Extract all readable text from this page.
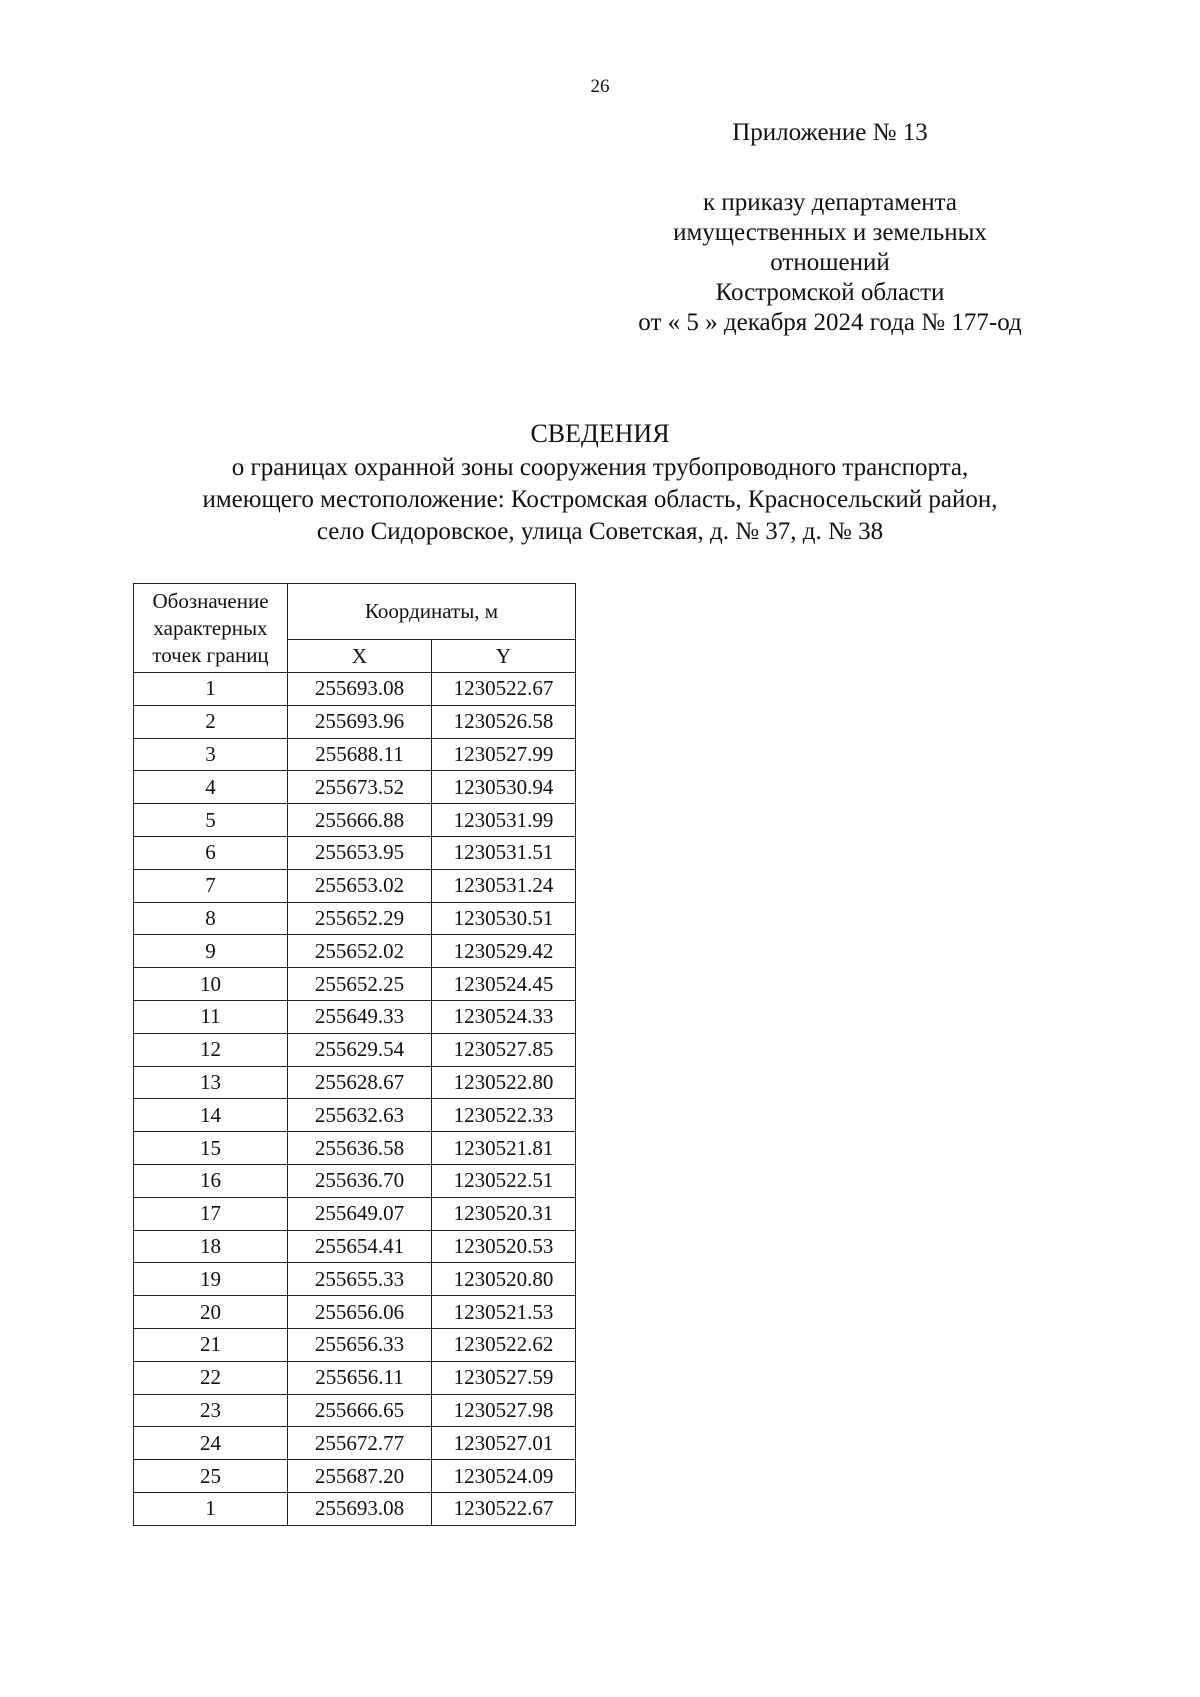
26
Приложение № 13
к приказу департамента
имущественных и земельных
отношений
Костромской области
от « 5 » декабря 2024 года № 177-од
СВЕДЕНИЯ
о границах охранной зоны сооружения трубопроводного транспорта,
имеющего местоположение: Костромская область, Красносельский район,
село Сидоровское, улица Советская, д. № 37, д. № 38
Обозначение
характерных
точек границ	Координаты, м	
	X	Y
1	255693.08	1230522.67
2	255693.96	1230526.58
3	255688.11	1230527.99
4	255673.52	1230530.94
5	255666.88	1230531.99
6	255653.95	1230531.51
7	255653.02	1230531.24
8	255652.29	1230530.51
9	255652.02	1230529.42
10	255652.25	1230524.45
11	255649.33	1230524.33
12	255629.54	1230527.85
13	255628.67	1230522.80
14	255632.63	1230522.33
15	255636.58	1230521.81
16	255636.70	1230522.51
17	255649.07	1230520.31
18	255654.41	1230520.53
19	255655.33	1230520.80
20	255656.06	1230521.53
21	255656.33	1230522.62
22	255656.11	1230527.59
23	255666.65	1230527.98
24	255672.77	1230527.01
25	255687.20	1230524.09
1	255693.08	1230522.67
